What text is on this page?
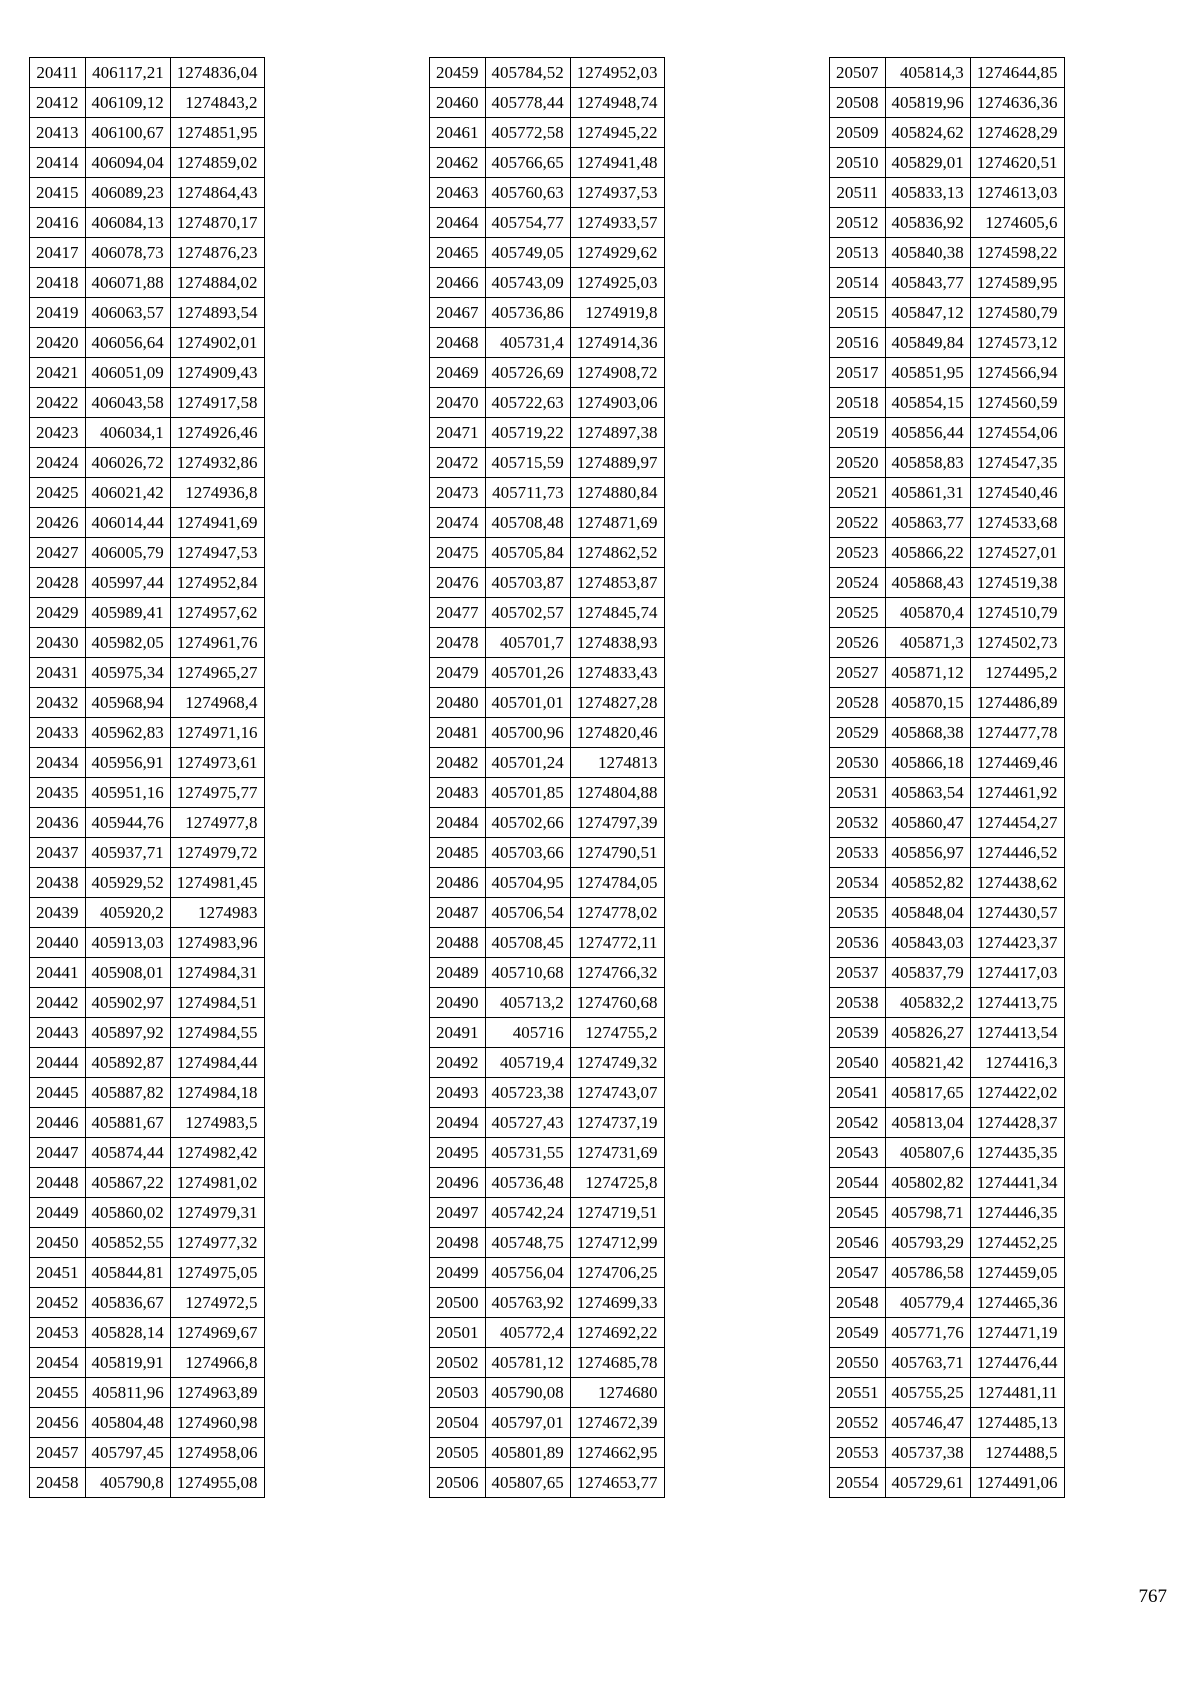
20411	406117,21	1274836,04
20412	406109,12	1274843,2
20413	406100,67	1274851,95
20414	406094,04	1274859,02
20415	406089,23	1274864,43
20416	406084,13	1274870,17
20417	406078,73	1274876,23
20418	406071,88	1274884,02
20419	406063,57	1274893,54
20420	406056,64	1274902,01
20421	406051,09	1274909,43
20422	406043,58	1274917,58
20423	406034,1	1274926,46
20424	406026,72	1274932,86
20425	406021,42	1274936,8
20426	406014,44	1274941,69
20427	406005,79	1274947,53
20428	405997,44	1274952,84
20429	405989,41	1274957,62
20430	405982,05	1274961,76
20431	405975,34	1274965,27
20432	405968,94	1274968,4
20433	405962,83	1274971,16
20434	405956,91	1274973,61
20435	405951,16	1274975,77
20436	405944,76	1274977,8
20437	405937,71	1274979,72
20438	405929,52	1274981,45
20439	405920,2	1274983
20440	405913,03	1274983,96
20441	405908,01	1274984,31
20442	405902,97	1274984,51
20443	405897,92	1274984,55
20444	405892,87	1274984,44
20445	405887,82	1274984,18
20446	405881,67	1274983,5
20447	405874,44	1274982,42
20448	405867,22	1274981,02
20449	405860,02	1274979,31
20450	405852,55	1274977,32
20451	405844,81	1274975,05
20452	405836,67	1274972,5
20453	405828,14	1274969,67
20454	405819,91	1274966,8
20455	405811,96	1274963,89
20456	405804,48	1274960,98
20457	405797,45	1274958,06
20458	405790,8	1274955,08
20459	405784,52	1274952,03
20460	405778,44	1274948,74
20461	405772,58	1274945,22
20462	405766,65	1274941,48
20463	405760,63	1274937,53
20464	405754,77	1274933,57
20465	405749,05	1274929,62
20466	405743,09	1274925,03
20467	405736,86	1274919,8
20468	405731,4	1274914,36
20469	405726,69	1274908,72
20470	405722,63	1274903,06
20471	405719,22	1274897,38
20472	405715,59	1274889,97
20473	405711,73	1274880,84
20474	405708,48	1274871,69
20475	405705,84	1274862,52
20476	405703,87	1274853,87
20477	405702,57	1274845,74
20478	405701,7	1274838,93
20479	405701,26	1274833,43
20480	405701,01	1274827,28
20481	405700,96	1274820,46
20482	405701,24	1274813
20483	405701,85	1274804,88
20484	405702,66	1274797,39
20485	405703,66	1274790,51
20486	405704,95	1274784,05
20487	405706,54	1274778,02
20488	405708,45	1274772,11
20489	405710,68	1274766,32
20490	405713,2	1274760,68
20491	405716	1274755,2
20492	405719,4	1274749,32
20493	405723,38	1274743,07
20494	405727,43	1274737,19
20495	405731,55	1274731,69
20496	405736,48	1274725,8
20497	405742,24	1274719,51
20498	405748,75	1274712,99
20499	405756,04	1274706,25
20500	405763,92	1274699,33
20501	405772,4	1274692,22
20502	405781,12	1274685,78
20503	405790,08	1274680
20504	405797,01	1274672,39
20505	405801,89	1274662,95
20506	405807,65	1274653,77
20507	405814,3	1274644,85
20508	405819,96	1274636,36
20509	405824,62	1274628,29
20510	405829,01	1274620,51
20511	405833,13	1274613,03
20512	405836,92	1274605,6
20513	405840,38	1274598,22
20514	405843,77	1274589,95
20515	405847,12	1274580,79
20516	405849,84	1274573,12
20517	405851,95	1274566,94
20518	405854,15	1274560,59
20519	405856,44	1274554,06
20520	405858,83	1274547,35
20521	405861,31	1274540,46
20522	405863,77	1274533,68
20523	405866,22	1274527,01
20524	405868,43	1274519,38
20525	405870,4	1274510,79
20526	405871,3	1274502,73
20527	405871,12	1274495,2
20528	405870,15	1274486,89
20529	405868,38	1274477,78
20530	405866,18	1274469,46
20531	405863,54	1274461,92
20532	405860,47	1274454,27
20533	405856,97	1274446,52
20534	405852,82	1274438,62
20535	405848,04	1274430,57
20536	405843,03	1274423,37
20537	405837,79	1274417,03
20538	405832,2	1274413,75
20539	405826,27	1274413,54
20540	405821,42	1274416,3
20541	405817,65	1274422,02
20542	405813,04	1274428,37
20543	405807,6	1274435,35
20544	405802,82	1274441,34
20545	405798,71	1274446,35
20546	405793,29	1274452,25
20547	405786,58	1274459,05
20548	405779,4	1274465,36
20549	405771,76	1274471,19
20550	405763,71	1274476,44
20551	405755,25	1274481,11
20552	405746,47	1274485,13
20553	405737,38	1274488,5
20554	405729,61	1274491,06
767
